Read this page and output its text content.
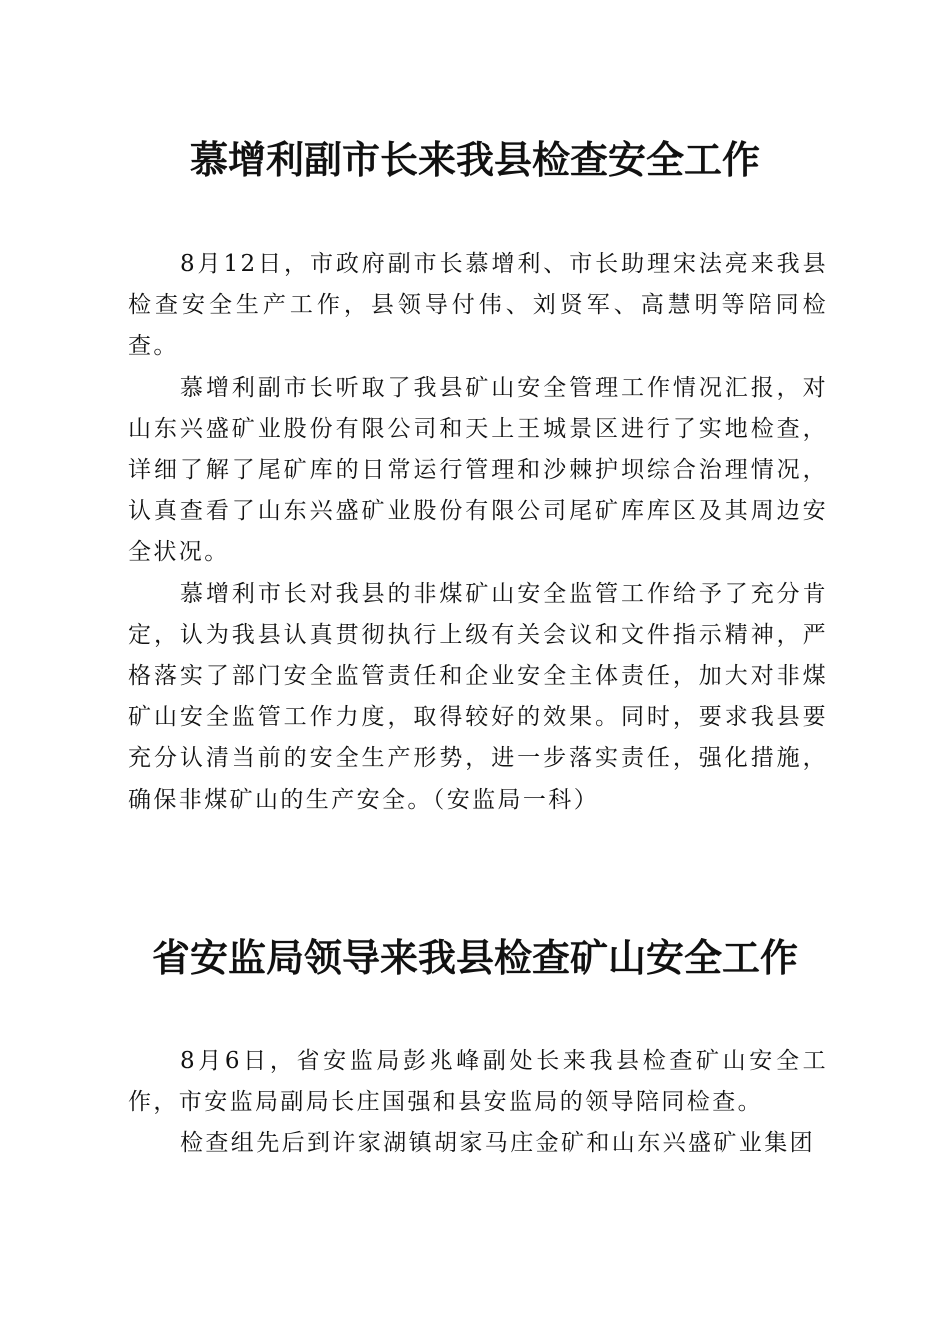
慕增利副市长来我县检查安全工作

8月12日，市政府副市长慕增利、市长助理宋法亮来我县检查安全生产工作，县领导付伟、刘贤军、高慧明等陪同检查。

慕增利副市长听取了我县矿山安全管理工作情况汇报，对山东兴盛矿业股份有限公司和天上王城景区进行了实地检查，详细了解了尾矿库的日常运行管理和沙棘护坝综合治理情况，认真查看了山东兴盛矿业股份有限公司尾矿库库区及其周边安全状况。

慕增利市长对我县的非煤矿山安全监管工作给予了充分肯定，认为我县认真贯彻执行上级有关会议和文件指示精神，严格落实了部门安全监管责任和企业安全主体责任，加大对非煤矿山安全监管工作力度，取得较好的效果。同时，要求我县要充分认清当前的安全生产形势，进一步落实责任，强化措施，确保非煤矿山的生产安全。（安监局一科）

省安监局领导来我县检查矿山安全工作

8月6日，省安监局彭兆峰副处长来我县检查矿山安全工作，市安监局副局长庄国强和县安监局的领导陪同检查。

检查组先后到许家湖镇胡家马庄金矿和山东兴盛矿业集团
